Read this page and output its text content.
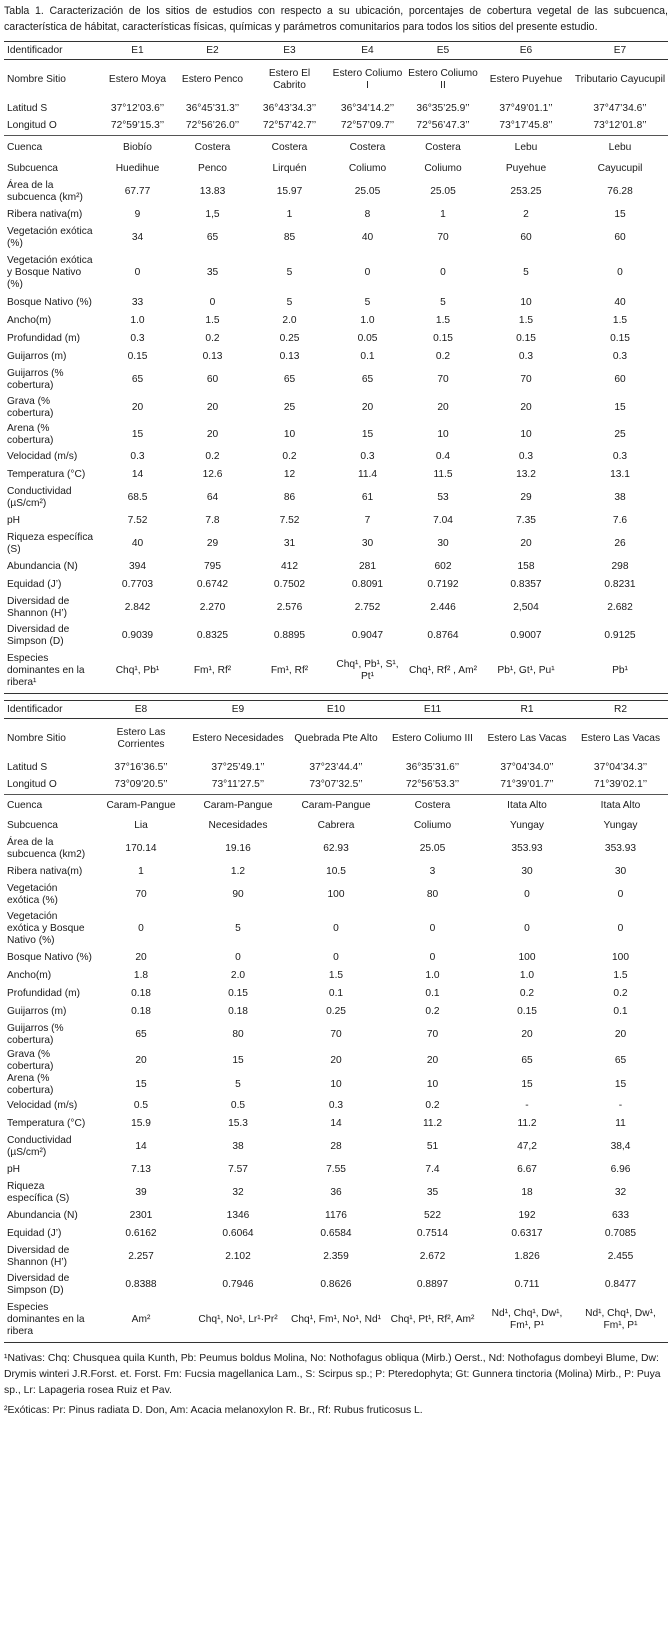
Tabla 1. Caracterización de los sitios de estudios con respecto a su ubicación, porcentajes de cobertura vegetal de las subcuenca, característica de hábitat, características físicas, químicas y parámetros comunitarios para todos los sitios del presente estudio.

Identificador	E1	E2	E3	E4	E5	E6	E7
Nombre Sitio	Estero Moya	Estero Penco	Estero El Cabrito	Estero Coliumo I	Estero Coliumo II	Estero Puyehue	Tributario Cayucupil
Latitud S	37°12’03.6’’	36°45’31.3’’	36°43’34.3’’	36°34’14.2’’	36°35’25.9’’	37°49’01.1’’	37°47’34.6’’
Longitud O	72°59’15.3’’	72°56’26.0’’	72°57’42.7’’	72°57’09.7’’	72°56’47.3’’	73°17’45.8’’	73°12’01.8’’
Cuenca	Biobío	Costera	Costera	Costera	Costera	Lebu	Lebu
Subcuenca	Huedihue	Penco	Lirquén	Coliumo	Coliumo	Puyehue	Cayucupil
Área de la subcuenca (km²)	67.77	13.83	15.97	25.05	25.05	253.25	76.28
Ribera nativa(m)	9	1,5	1	8	1	2	15
Vegetación exótica (%)	34	65	85	40	70	60	60
Vegetación exótica y Bosque Nativo (%)	0	35	5	0	0	5	0
Bosque Nativo (%)	33	0	5	5	5	10	40
Ancho(m)	1.0	1.5	2.0	1.0	1.5	1.5	1.5
Profundidad (m)	0.3	0.2	0.25	0.05	0.15	0.15	0.15
Guijarros (m)	0.15	0.13	0.13	0.1	0.2	0.3	0.3
Guijarros (% cobertura)	65	60	65	65	70	70	60
Grava (% cobertura)	20	20	25	20	20	20	15
Arena (% cobertura)	15	20	10	15	10	10	25
Velocidad (m/s)	0.3	0.2	0.2	0.3	0.4	0.3	0.3
Temperatura (°C)	14	12.6	12	11.4	11.5	13.2	13.1
Conductividad (µS/cm²)	68.5	64	86	61	53	29	38
pH	7.52	7.8	7.52	7	7.04	7.35	7.6
Riqueza específica (S)	40	29	31	30	30	20	26
Abundancia (N)	394	795	412	281	602	158	298
Equidad (J’)	0.7703	0.6742	0.7502	0.8091	0.7192	0.8357	0.8231
Diversidad de Shannon (H’)	2.842	2.270	2.576	2.752	2.446	2,504	2.682
Diversidad de Simpson (D)	0.9039	0.8325	0.8895	0.9047	0.8764	0.9007	0.9125
Especies dominantes en la ribera¹	Chq¹, Pb¹	Fm¹, Rf²	Fm¹, Rf²	Chq¹, Pb¹, S¹, Pt¹	Chq¹, Rf² , Am²	Pb¹, Gt¹, Pu¹	Pb¹
Identificador	E8	E9	E10	E11	R1	R2
Nombre Sitio	Estero Las Corrientes	Estero Necesidades	Quebrada Pte Alto	Estero Coliumo III	Estero Las Vacas	Estero Las Vacas
Latitud S	37°16’36.5’’	37°25’49.1’’	37°23’44.4’’	36°35’31.6’’	37°04’34.0’’	37°04’34.3’’
Longitud O	73°09’20.5’’	73°11’27.5’’	73°07’32.5’’	72°56’53.3’’	71°39’01.7’’	71°39’02.1’’
Cuenca	Caram-Pangue	Caram-Pangue	Caram-Pangue	Costera	Itata Alto	Itata Alto
Subcuenca	Lia	Necesidades	Cabrera	Coliumo	Yungay	Yungay
Área de la subcuenca (km2)	170.14	19.16	62.93	25.05	353.93	353.93
Ribera nativa(m)	1	1.2	10.5	3	30	30
Vegetación exótica (%)	70	90	100	80	0	0
Vegetación exótica y Bosque Nativo (%)	0	5	0	0	0	0
Bosque Nativo (%)	20	0	0	0	100	100
Ancho(m)	1.8	2.0	1.5	1.0	1.0	1.5
Profundidad (m)	0.18	0.15	0.1	0.1	0.2	0.2
Guijarros (m)	0.18	0.18	0.25	0.2	0.15	0.1
Guijarros (% cobertura)	65	80	70	70	20	20
Grava (% cobertura)	20	15	20	20	65	65
Arena (% cobertura)	15	5	10	10	15	15
Velocidad (m/s)	0.5	0.5	0.3	0.2	-	-
Temperatura (°C)	15.9	15.3	14	11.2	11.2	11
Conductividad (µS/cm²)	14	38	28	51	47,2	38,4
pH	7.13	7.57	7.55	7.4	6.67	6.96
Riqueza específica (S)	39	32	36	35	18	32
Abundancia (N)	2301	1346	1176	522	192	633
Equidad (J’)	0.6162	0.6064	0.6584	0.7514	0.6317	0.7085
Diversidad de Shannon (H’)	2.257	2.102	2.359	2.672	1.826	2.455
Diversidad de Simpson (D)	0.8388	0.7946	0.8626	0.8897	0.711	0.8477
Especies dominantes en la ribera	Am²	Chq¹, No¹, Lr¹·Pr²	Chq¹, Fm¹, No¹, Nd¹	Chq¹, Pt¹, Rf², Am²	Nd¹, Chq¹, Dw¹, Fm¹, P¹	Nd¹, Chq¹, Dw¹, Fm¹, P¹

¹Nativas: Chq: Chusquea quila Kunth, Pb: Peumus boldus Molina, No: Nothofagus obliqua (Mirb.) Oerst., Nd: Nothofagus dombeyi Blume, Dw: Drymis winteri J.R.Forst. et. Forst. Fm: Fucsia magellanica Lam., S: Scirpus sp.; P: Pteredophyta; Gt: Gunnera tinctoria (Molina) Mirb., P: Puya sp., Lr: Lapageria rosea Ruiz et Pav.

²Exóticas: Pr: Pinus radiata D. Don, Am: Acacia melanoxylon R. Br., Rf: Rubus fruticosus L.
